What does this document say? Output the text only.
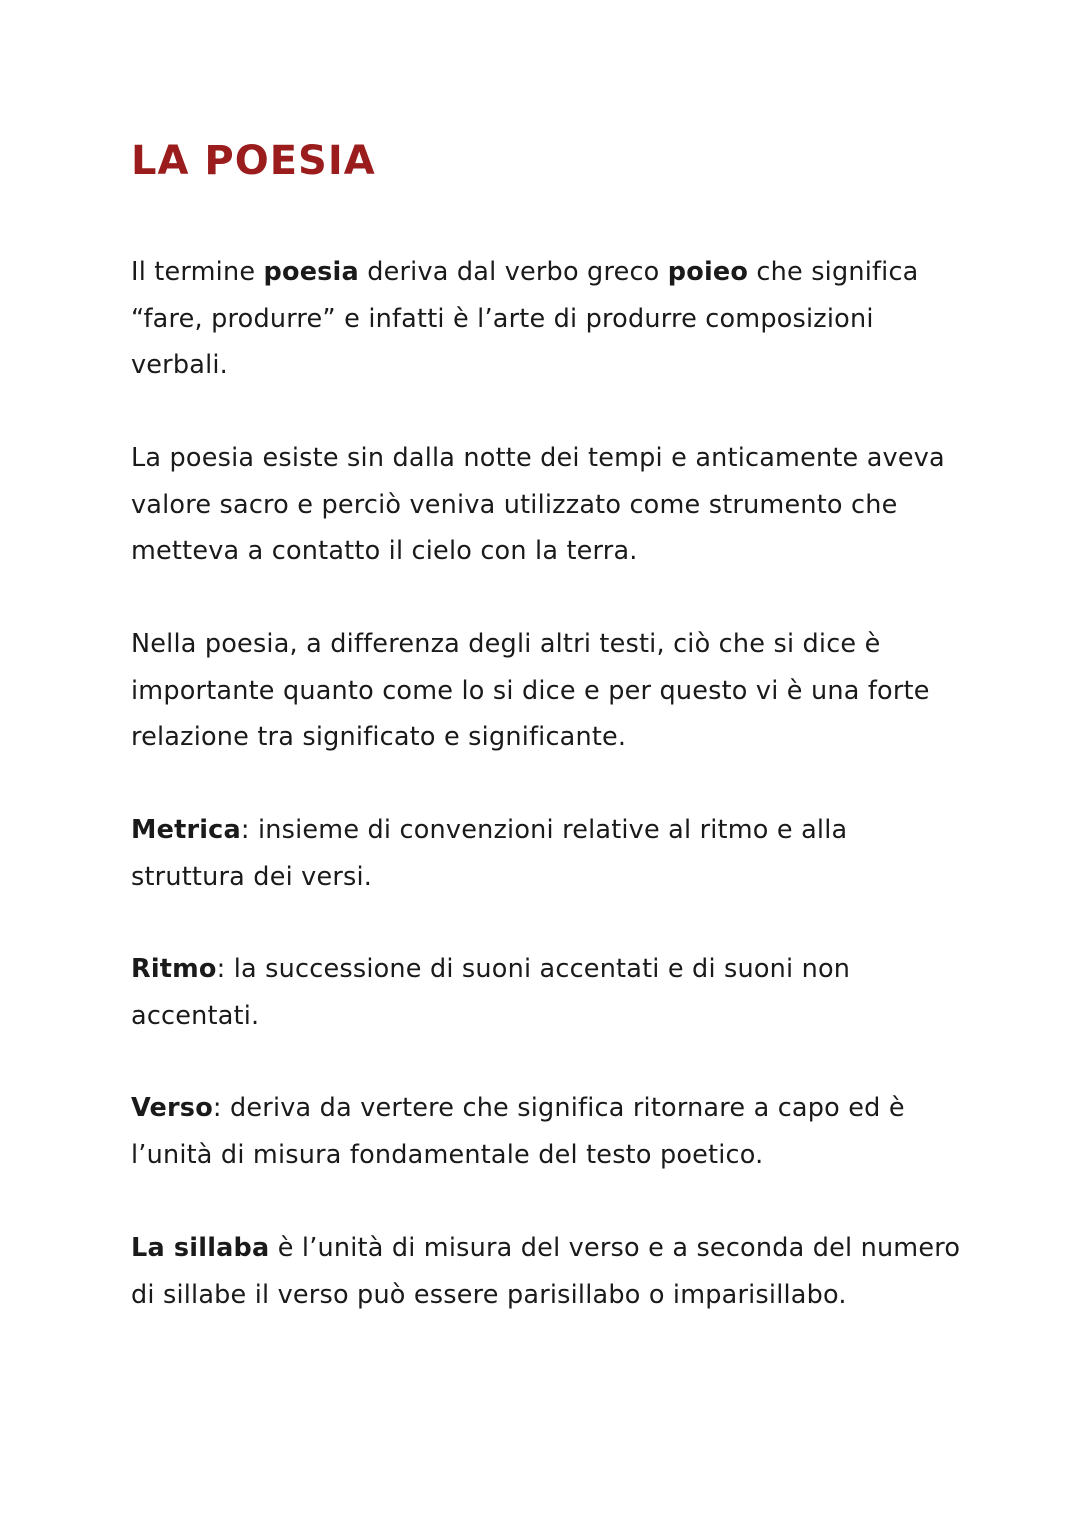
LA POESIA

Il termine poesia deriva dal verbo greco poieo che significa “fare, produrre” e infatti è l’arte di produrre composizioni verbali.

La poesia esiste sin dalla notte dei tempi e anticamente aveva valore sacro e perciò veniva utilizzato come strumento che metteva a contatto il cielo con la terra.

Nella poesia, a differenza degli altri testi, ciò che si dice è importante quanto come lo si dice e per questo vi è una forte relazione tra significato e significante.

Metrica: insieme di convenzioni relative al ritmo e alla struttura dei versi.

Ritmo: la successione di suoni accentati e di suoni non accentati.

Verso: deriva da vertere che significa ritornare a capo ed è l’unità di misura fondamentale del testo poetico.

La sillaba è l’unità di misura del verso e a seconda del numero di sillabe il verso può essere parisillabo o imparisillabo.
